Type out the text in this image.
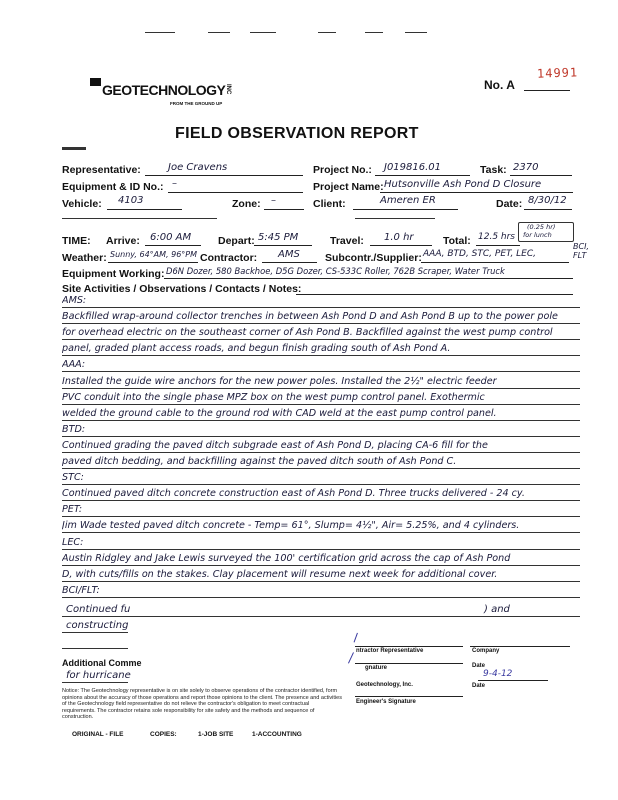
14991
No. A
GEOTECHNOLOGY INC
FROM THE GROUND UP
FIELD OBSERVATION REPORT
Representative:	Joe Cravens	Project No.: J019816.01	Task: 2370
Equipment & ID No.: –	Project Name: Hutsonville Ash Pond D Closure
Vehicle: 4103	Zone: –	Client:	Ameren ER	Date: 8/30/12
TIME: Arrive: 6:00 AM	Depart: 5:45 PM	Travel: 1.0 hr	Total: 12.5 hrs
(0.25 hr)
for lunch
Weather: Sunny, 64°AM, 96°PM Contractor: AMS Subcontr./Supplier: AAA, BTD, STC, PET, LEC,
BCI, FLT
Equipment Working: D6N Dozer, 580 Backhoe, D5G Dozer, CS-533C Roller, 762B Scraper, Water Truck
Site Activities / Observations / Contacts / Notes:
AMS:
Backfilled wrap-around collector trenches in between Ash Pond D and Ash Pond B up to the power pole
for overhead electric on the southeast corner of Ash Pond B. Backfilled against the west pump control
panel, graded plant access roads, and begun finish grading south of Ash Pond A.
AAA:
Installed the guide wire anchors for the new power poles. Installed the 2½" electric feeder
PVC conduit into the single phase MPZ box on the west pump control panel. Exothermic
welded the ground cable to the ground rod with CAD weld at the east pump control panel.
BTD:
Continued grading the paved ditch subgrade east of Ash Pond D, placing CA-6 fill for the
paved ditch bedding, and backfilling against the paved ditch south of Ash Pond C.
STC:
Continued paved ditch concrete construction east of Ash Pond D. Three trucks delivered - 24 cy.
PET:
Jim Wade tested paved ditch concrete - Temp= 61°, Slump= 4½", Air= 5.25%, and 4 cylinders.
LEC:
Austin Ridgley and Jake Lewis surveyed the 100' certification grid across the cap of Ash Pond
D, with cuts/fills on the stakes. Clay placement will resume next week for additional cover.
BCI/FLT:
Continued fu	) and
constructing
Additional Comme
for hurricane
ntractor Representative	Company
gnature	Date
9-4-12
Geotechnology, Inc.	Date
Engineer's Signature
Notice: The Geotechnology representative is on site solely to observe operations of the contractor identified, form opinions about the accuracy of those operations and report those opinions to the client. The presence and activities of the Geotechnology field representative do not relieve the contractor's obligation to meet contractual requirements. The contractor retains sole responsibility for site safety and the methods and sequence of construction.
ORIGINAL - FILE	COPIES:	1-JOB SITE	1-ACCOUNTING
